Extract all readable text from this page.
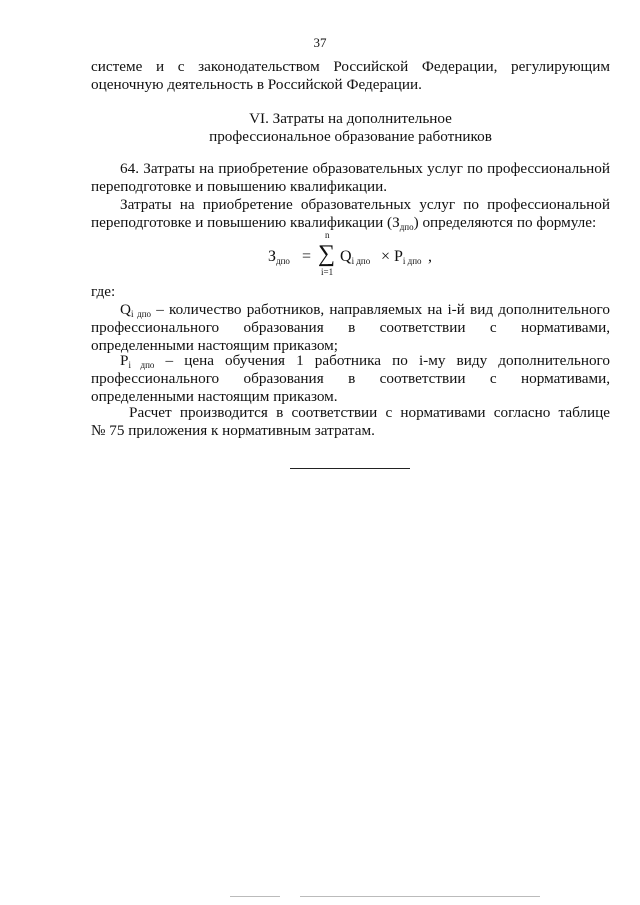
37
системе и с законодательством Российской Федерации, регулирующим
оценочную деятельность в Российской Федерации.
VI. Затраты на дополнительное
профессиональное образование работников
64. Затраты на приобретение образовательных услуг по профессиональной
переподготовке и повышению квалификации.
Затраты на приобретение образовательных услуг по профессиональной
переподготовке и повышению квалификации $(З_{дпо})$ определяются по формуле:
$З_{дпо}$ =
n
∑
i=1
$Q_{i дпо} \times P_{i дпо}$ ,
где:
$Q_{i дпо}$ – количество работников, направляемых на i-й вид дополнительного
профессионального образования в соответствии с нормативами,
определенными настоящим приказом;
$P_{i дпо}$ – цена обучения 1 работника по i-му виду дополнительного
профессионального образования в соответствии с нормативами,
определенными настоящим приказом.
Расчет производится в соответствии с нормативами согласно таблице
№ 75 приложения к нормативным затратам.
